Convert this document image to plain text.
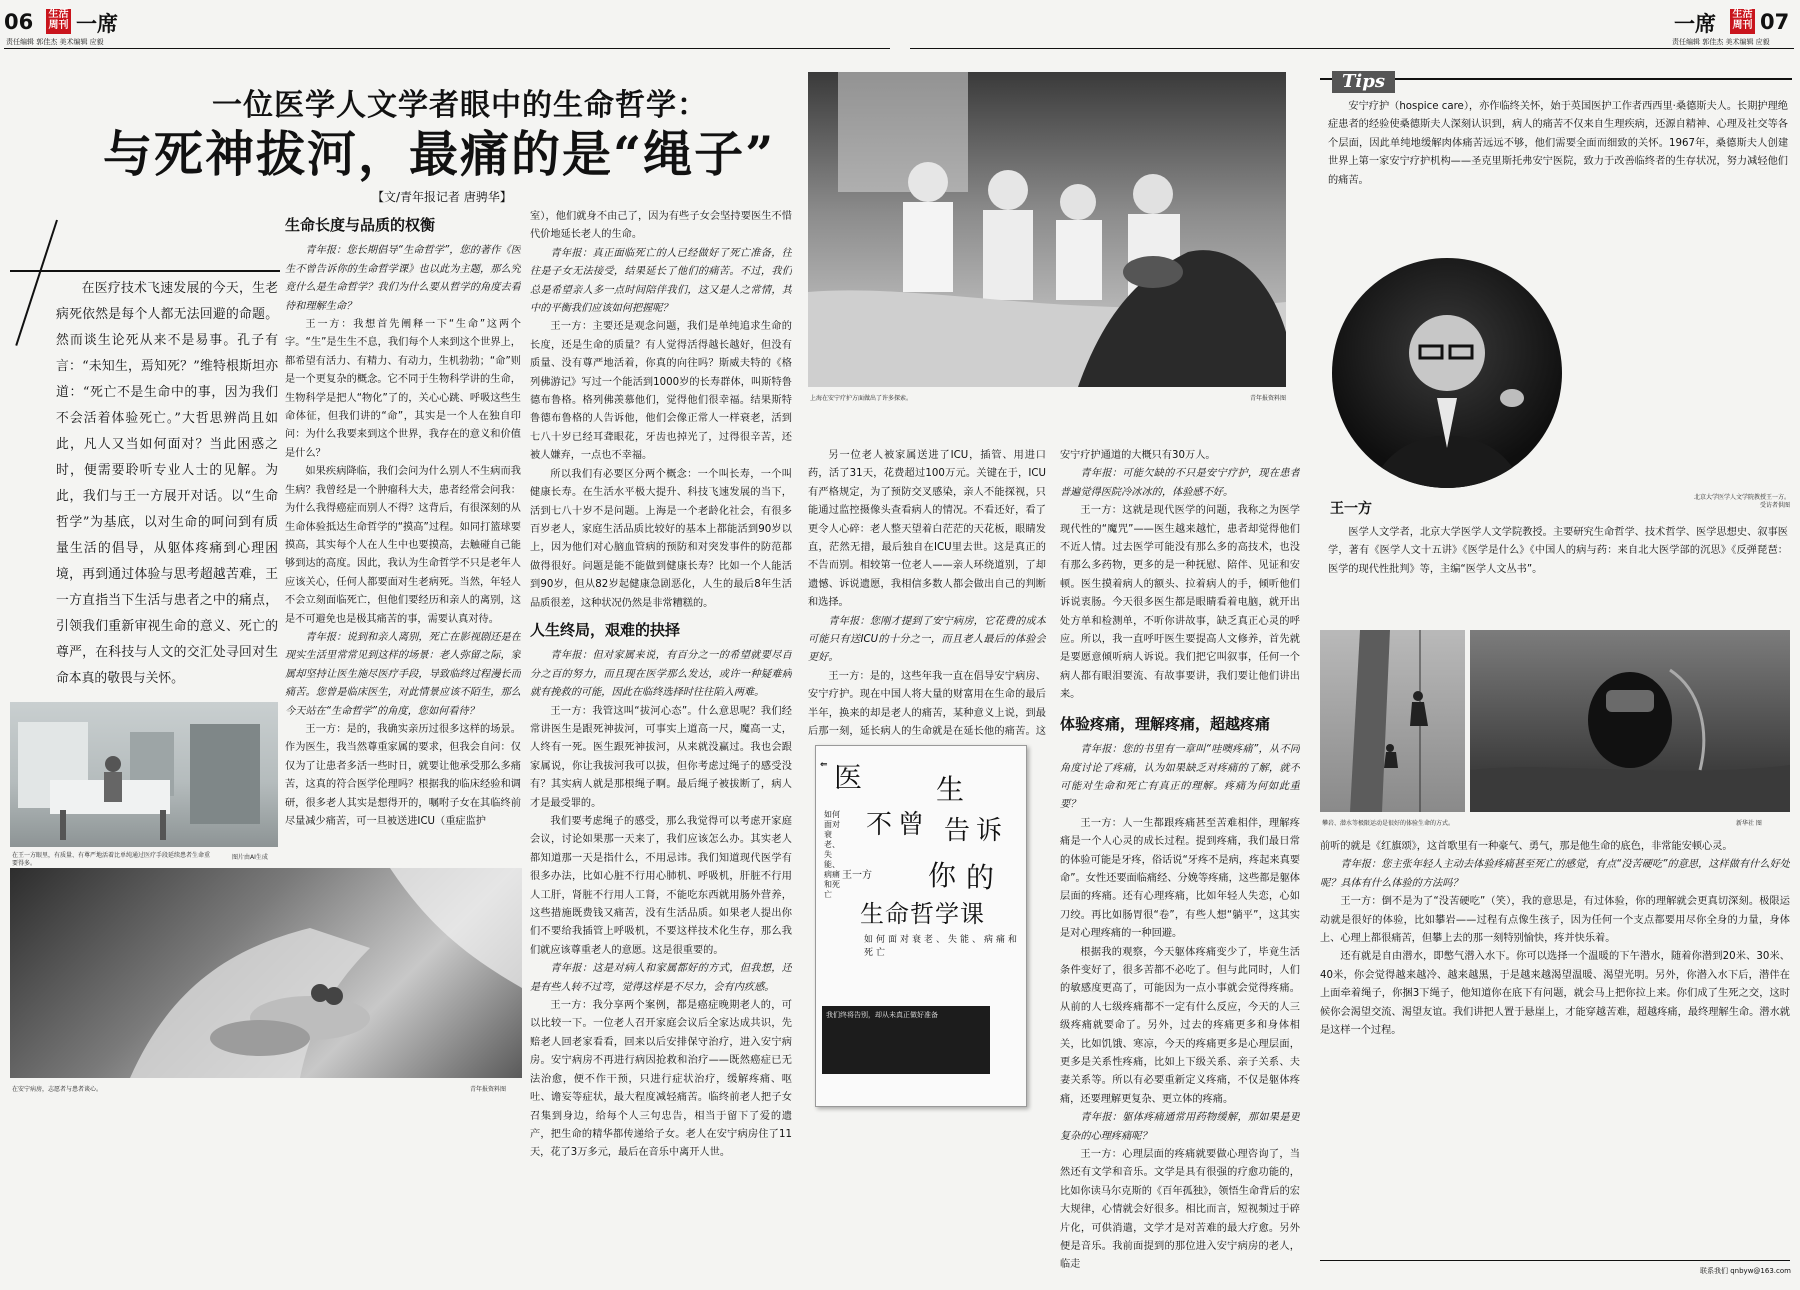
06 生活周刊 一席
责任编辑 郭佳杰 美术编辑 应毅
一席 生活周刊 07
责任编辑 郭佳杰 美术编辑 应毅
一位医学人文学者眼中的生命哲学：
与死神拔河，最痛的是“绳子”
【文/青年报记者 唐骋华】

在医疗技术飞速发展的今天，生老病死依然是每个人都无法回避的命题。然而谈生论死从来不是易事。孔子有言：“未知生，焉知死？”维特根斯坦亦道：“死亡不是生命中的事，因为我们不会活着体验死亡。”大哲思辨尚且如此，凡人又当如何面对？当此困惑之时，便需要聆听专业人士的见解。为此，我们与王一方展开对话。以“生命哲学”为基底，以对生命的呵问到有质量生活的倡导，从躯体疼痛到心理困境，再到通过体验与思考超越苦难，王一方直指当下生活与患者之中的痛点，引领我们重新审视生命的意义、死亡的尊严，在科技与人文的交汇处寻回对生命本真的敬畏与关怀。

在王一方眼里，有质量、有尊严地活着比单纯通过医疗手段延续患者生命重要得多。
图片由AI生成
在安宁病房，志愿者与患者谈心。	青年报资料图
生命长度与品质的权衡

青年报：您长期倡导“生命哲学”，您的著作《医生不曾告诉你的生命哲学课》也以此为主题，那么究竟什么是生命哲学？我们为什么要从哲学的角度去看待和理解生命？

王一方：我想首先阐释一下“生命”这两个字。“生”是生生不息，我们每个人来到这个世界上，都希望有活力、有精力、有动力，生机勃勃；“命”则是一个更复杂的概念。它不同于生物科学讲的生命，生物科学是把人“物化”了的，关心心跳、呼吸这些生命体征，但我们讲的“命”，其实是一个人在独自印问：为什么我要来到这个世界，我存在的意义和价值是什么？

如果疾病降临，我们会问为什么别人不生病而我生病？我曾经是一个肿瘤科大夫，患者经常会问我：为什么我得癌症而别人不得？这背后，有很深刻的从生命体验抵达生命哲学的“摸高”过程。如同打篮球要摸高，其实每个人在人生中也要摸高，去触碰自己能够到达的高度。因此，我认为生命哲学不只是老年人应该关心，任何人都要面对生老病死。当然，年轻人不会立刻面临死亡，但他们要经历和亲人的离别，这是不可避免也是极其痛苦的事，需要认真对待。

青年报：说到和亲人离别，死亡在影视剧还是在现实生活里常常见到这样的场景：老人弥留之际，家属却坚持让医生施尽医疗手段，导致临终过程漫长而痛苦。您曾是临床医生，对此情景应该不陌生，那么今天站在“生命哲学”的角度，您如何看待？

王一方：是的，我确实亲历过很多这样的场景。作为医生，我当然尊重家属的要求，但我会自问：仅仅为了让患者多活一些时日，就要让他承受那么多痛苦，这真的符合医学伦理吗？根据我的临床经验和调研，很多老人其实是想得开的，嘱咐子女在其临终前尽量减少痛苦，可一旦被送进ICU（重症监护

室），他们就身不由己了，因为有些子女会坚持要医生不惜代价地延长老人的生命。

青年报：真正面临死亡的人已经做好了死亡准备，往往是子女无法接受，结果延长了他们的痛苦。不过，我们总是希望亲人多一点时间陪伴我们，这又是人之常情，其中的平衡我们应该如何把握呢？

王一方：主要还是观念问题，我们是单纯追求生命的长度，还是生命的质量？有人觉得活得越长越好，但没有质量、没有尊严地活着，你真的向往吗？斯威夫特的《格列佛游记》写过一个能活到1000岁的长寿群体，叫斯特鲁德布鲁格。格列佛羡慕他们，觉得他们很幸福。结果斯特鲁德布鲁格的人告诉他，他们会像正常人一样衰老，活到七八十岁已经耳聋眼花，牙齿也掉光了，过得很辛苦，还被人嫌弃，一点也不幸福。

所以我们有必要区分两个概念：一个叫长寿，一个叫健康长寿。在生活水平极大提升、科技飞速发展的当下，活到七八十岁不是问题。上海是一个老龄化社会，有很多百岁老人，家庭生活品质比较好的基本上都能活到90岁以上，因为他们对心脑血管病的预防和对突发事件的防范都做得很好。问题是能不能做到健康长寿？比如一个人能活到90岁，但从82岁起健康急剧恶化，人生的最后8年生活品质很差，这种状况仍然是非常糟糕的。

人生终局，艰难的抉择

青年报：但对家属来说，有百分之一的希望就要尽百分之百的努力，而且现在医学那么发达，或许一种疑难病就有挽救的可能，因此在临终选择时往往陷入两难。

王一方：我管这叫“拔河心态”。什么意思呢？我们经常讲医生是跟死神拔河，可事实上道高一尺，魔高一丈，人终有一死。医生跟死神拔河，从来就没赢过。我也会跟家属说，你让我拔河我可以拔，但你考虑过绳子的感受没有？其实病人就是那根绳子啊。最后绳子被拔断了，病人才是最受罪的。

我们要考虑绳子的感受，那么我觉得可以考虑开家庭会议，讨论如果那一天来了，我们应该怎么办。其实老人都知道那一天是指什么，不用忌讳。我们知道现代医学有很多办法，比如心脏不行用心肺机、呼吸机，肝脏不行用人工肝，肾脏不行用人工肾，不能吃东西就用肠外营养，这些措施既费钱又痛苦，没有生活品质。如果老人提出你们不要给我插管上呼吸机，不要这样技术化生存，那么我们就应该尊重老人的意愿。这是很重要的。

青年报：这是对病人和家属都好的方式，但我想，还是有些人转不过弯，觉得这样是不尽力，会有内疚感。

王一方：我分享两个案例，都是癌症晚期老人的，可以比较一下。一位老人召开家庭会议后全家达成共识，先赔老人回老家看看，回来以后安排保守治疗，进入安宁病房。安宁病房不再进行病因抢救和治疗——既然癌症已无法治愈，便不作干预，只进行症状治疗，缓解疼痛、呕吐、谵妄等症状，最大程度减轻痛苦。临终前老人把子女召集到身边，给每个人三句忠告，相当于留下了爱的遗产，把生命的精华都传递给子女。老人在安宁病房住了11天，花了3万多元，最后在音乐中离开人世。

上海在安宁疗护方面做出了许多探索。	青年报资料图

另一位老人被家属送进了ICU，插管、用进口药，活了31天，花费超过100万元。关键在于，ICU有严格规定，为了预防交叉感染，亲人不能探视，只能通过监控摄像头查看病人的情况。不看还好，看了更令人心碎：老人整天望着白茫茫的天花板，眼睛发直，茫然无措，最后独自在ICU里去世。这是真正的不告而别。相较第一位老人——亲人环绕道别，了却遗憾、诉说遗愿，我相信多数人都会做出自己的判断和选择。

青年报：您刚才提到了安宁病房，它花费的成本可能只有送ICU的十分之一，而且老人最后的体验会更好。

王一方：是的，这些年我一直在倡导安宁病房、安宁疗护。现在中国人将大量的财富用在生命的最后半年，换来的却是老人的痛苦，某种意义上说，到最后那一刻，延长病人的生命就是在延长他的痛苦。这

⇐ 医	生
不曾 告诉
你 的
生命哲学课
如何面对衰老、失能、病痛和死亡
如何面对衰老、失能、病痛和死亡
王一方
我们终将告别，却从未真正做好准备

安宁疗护通道的大概只有30万人。

青年报：可能欠缺的不只是安宁疗护，现在患者普遍觉得医院冷冰冰的，体验感不好。

王一方：这就是现代医学的问题，我称之为医学现代性的“魔咒”——医生越来越忙，患者却觉得他们不近人情。过去医学可能没有那么多的高技术，也没有那么多药物，更多的是一种抚慰、陪伴、见证和安顿。医生摸着病人的额头、拉着病人的手，倾听他们诉说衷肠。今天很多医生都是眼睛看着电脑，就开出处方单和检测单，不听你讲故事，缺乏真正心灵的呼应。所以，我一直呼吁医生要提高人文修养，首先就是要愿意倾听病人诉说。我们把它叫叙事，任何一个病人都有眼泪要流、有故事要讲，我们要让他们讲出来。

体验疼痛，理解疼痛，超越疼痛

青年报：您的书里有一章叫“哇噢疼痛”，从不同角度讨论了疼痛，认为如果缺乏对疼痛的了解，就不可能对生命和死亡有真正的理解。疼痛为何如此重要？

王一方：人一生都跟疼痛甚至苦难相伴，理解疼痛是一个人心灵的成长过程。提到疼痛，我们最日常的体验可能是牙疼，俗话说“牙疼不是病，疼起来真要命”。女性还要面临痛经、分娩等疼痛，这些都是躯体层面的疼痛。还有心理疼痛，比如年轻人失恋，心如刀绞。再比如肠胃很“卷”，有些人想“躺平”，这其实是对心理疼痛的一种回避。

根据我的观察，今天躯体疼痛变少了，毕竟生活条件变好了，很多苦都不必吃了。但与此同时，人们的敏感度更高了，可能因为一点小事就会觉得疼痛。从前的人七级疼痛都不一定有什么反应，今天的人三级疼痛就要命了。另外，过去的疼痛更多和身体相关，比如饥饿、寒凉，今天的疼痛更多是心理层面，更多是关系性疼痛，比如上下级关系、亲子关系、夫妻关系等。所以有必要重新定义疼痛，不仅是躯体疼痛，还要理解更复杂、更立体的疼痛。

青年报：躯体疼痛通常用药物缓解，那如果是更复杂的心理疼痛呢？

王一方：心理层面的疼痛就要做心理咨询了，当然还有文学和音乐。文学是具有很强的疗愈功能的，比如你读马尔克斯的《百年孤独》，领悟生命背后的宏大规律，心情就会好很多。相比而言，短视频过于碎片化，可供消遣，文学才是对苦难的最大疗愈。另外便是音乐。我前面提到的那位进入安宁病房的老人，临走

Tips

安宁疗护（hospice care），亦作临终关怀，始于英国医护工作者西西里·桑德斯夫人。长期护理绝症患者的经验使桑德斯夫人深刻认识到，病人的痛苦不仅来自生理疾病，还源自精神、心理及社交等各个层面，因此单纯地缓解肉体痛苦远远不够，他们需要全面而细致的关怀。1967年，桑德斯夫人创建世界上第一家安宁疗护机构——圣克里斯托弗安宁医院，致力于改善临终者的生存状况，努力减轻他们的痛苦。

北京大学医学人文学院教授王一方。受访者供图
王一方

医学人文学者，北京大学医学人文学院教授。主要研究生命哲学、技术哲学、医学思想史、叙事医学，著有《医学人文十五讲》《医学是什么》《中国人的病与药：来自北大医学部的沉思》《反弹琵琶：医学的现代性批判》等，主编“医学人文丛书”。

攀岩、潜水等极限运动是很好的体验生命的方式。	新华社 图

前听的就是《红旗颂》，这首歌里有一种豪气、勇气，那是他生命的底色，非常能安顿心灵。

青年报：您主张年轻人主动去体验疼痛甚至死亡的感觉，有点“没苦硬吃”的意思，这样做有什么好处呢？具体有什么体验的方法吗？

王一方：倒不是为了“没苦硬吃”（笑），我的意思是，有过体验，你的理解就会更真切深刻。极限运动就是很好的体验，比如攀岩——过程有点像生孩子，因为任何一个支点都要用尽你全身的力量，身体上、心理上都很痛苦，但攀上去的那一刻特别愉快，疼并快乐着。

还有就是自由潜水，即憋气潜入水下。你可以选择一个温暖的下午潜水，随着你潜到20米、30米、40米，你会觉得越来越冷、越来越黑，于是越来越渴望温暖、渴望光明。另外，你潜入水下后，潜伴在上面牵着绳子，你捆3下绳子，他知道你在底下有问题，就会马上把你拉上来。你们成了生死之交，这时候你会渴望交流、渴望友谊。我们讲把人置于悬崖上，才能穿越苦难，超越疼痛，最终理解生命。潜水就是这样一个过程。

联系我们 qnbyw@163.com
